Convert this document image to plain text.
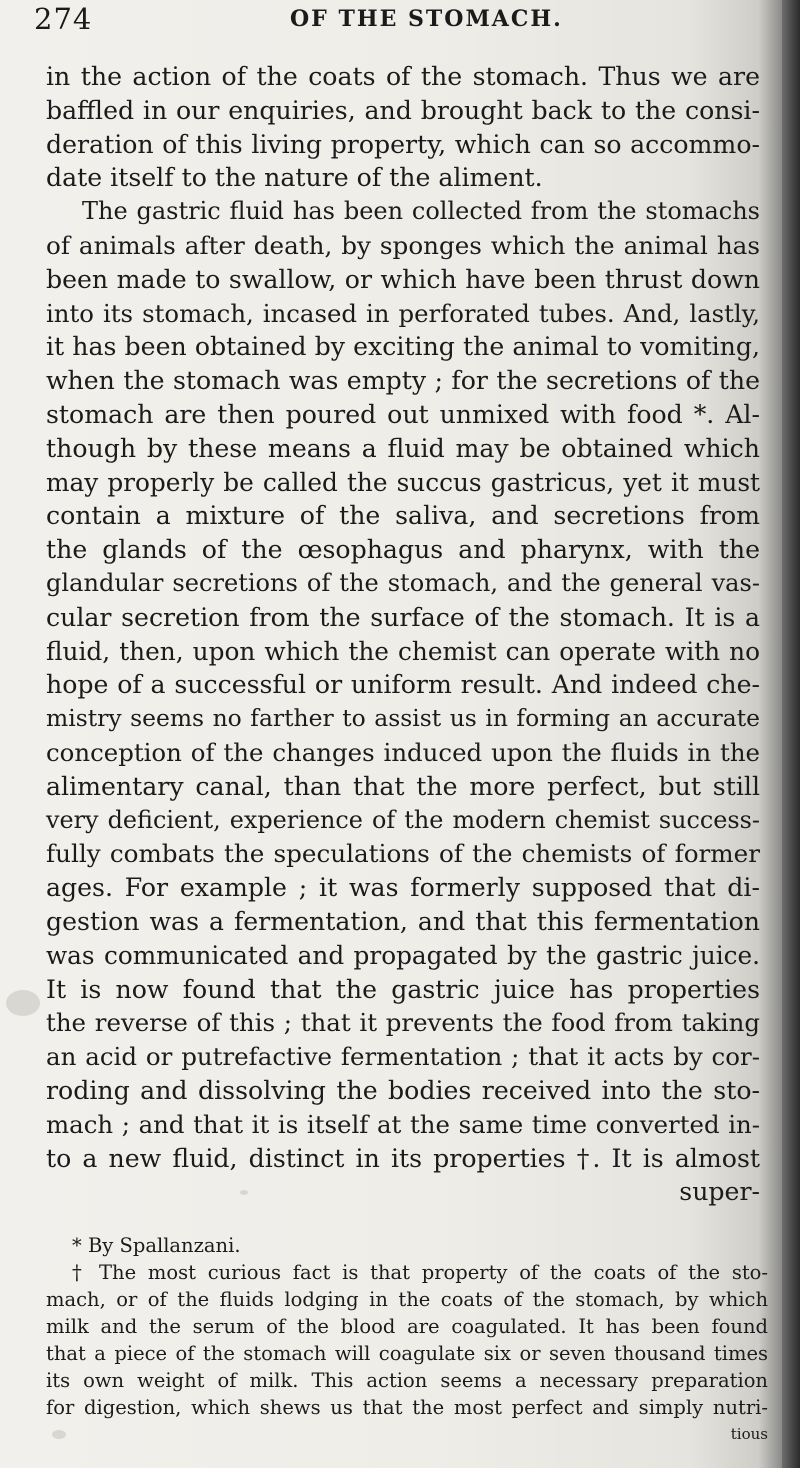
274	OF THE STOMACH.
in the action of the coats of the stomach. Thus we are
baffled in our enquiries, and brought back to the consi-
deration of this living property, which can so accommo-
date itself to the nature of the aliment.
The gastric fluid has been collected from the stomachs
of animals after death, by sponges which the animal has
been made to swallow, or which have been thrust down
into its stomach, incased in perforated tubes. And, lastly,
it has been obtained by exciting the animal to vomiting,
when the stomach was empty ; for the secretions of the
stomach are then poured out unmixed with food *. Al-
though by these means a fluid may be obtained which
may properly be called the succus gastricus, yet it must
contain a mixture of the saliva, and secretions from
the glands of the œsophagus and pharynx, with the
glandular secretions of the stomach, and the general vas-
cular secretion from the surface of the stomach. It is a
fluid, then, upon which the chemist can operate with no
hope of a successful or uniform result. And indeed che-
mistry seems no farther to assist us in forming an accurate
conception of the changes induced upon the fluids in the
alimentary canal, than that the more perfect, but still
very deficient, experience of the modern chemist success-
fully combats the speculations of the chemists of former
ages. For example ; it was formerly supposed that di-
gestion was a fermentation, and that this fermentation
was communicated and propagated by the gastric juice.
It is now found that the gastric juice has properties
the reverse of this ; that it prevents the food from taking
an acid or putrefactive fermentation ; that it acts by cor-
roding and dissolving the bodies received into the sto-
mach ; and that it is itself at the same time converted in-
to a new fluid, distinct in its properties †. It is almost
super-
* By Spallanzani.
† The most curious fact is that property of the coats of the sto-
mach, or of the fluids lodging in the coats of the stomach, by which
milk and the serum of the blood are coagulated. It has been found
that a piece of the stomach will coagulate six or seven thousand times
its own weight of milk. This action seems a necessary preparation
for digestion, which shews us that the most perfect and simply nutri-
tious
